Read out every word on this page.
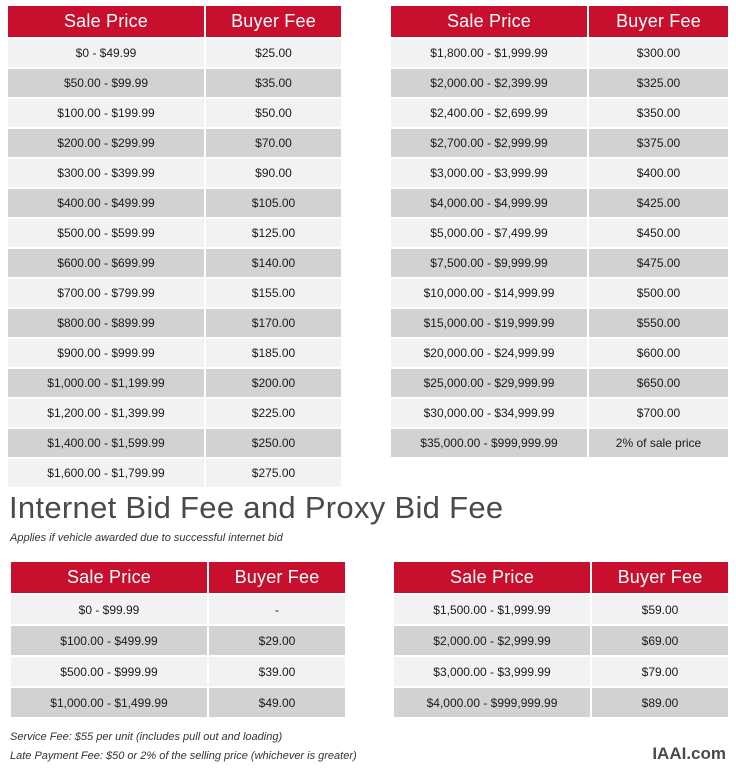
Sale Price	Buyer Fee
$0 - $49.99	$25.00
$50.00 - $99.99	$35.00
$100.00 - $199.99	$50.00
$200.00 - $299.99	$70.00
$300.00 - $399.99	$90.00
$400.00 - $499.99	$105.00
$500.00 - $599.99	$125.00
$600.00 - $699.99	$140.00
$700.00 - $799.99	$155.00
$800.00 - $899.99	$170.00
$900.00 - $999.99	$185.00
$1,000.00 - $1,199.99	$200.00
$1,200.00 - $1,399.99	$225.00
$1,400.00 - $1,599.99	$250.00
$1,600.00 - $1,799.99	$275.00
Sale Price	Buyer Fee
$1,800.00 - $1,999.99	$300.00
$2,000.00 - $2,399.99	$325.00
$2,400.00 - $2,699.99	$350.00
$2,700.00 - $2,999.99	$375.00
$3,000.00 - $3,999.99	$400.00
$4,000.00 - $4,999.99	$425.00
$5,000.00 - $7,499.99	$450.00
$7,500.00 - $9,999.99	$475.00
$10,000.00 - $14,999.99	$500.00
$15,000.00 - $19,999.99	$550.00
$20,000.00 - $24,999.99	$600.00
$25,000.00 - $29,999.99	$650.00
$30,000.00 - $34,999.99	$700.00
$35,000.00 - $999,999.99	2% of sale price
Internet Bid Fee and Proxy Bid Fee
Applies if vehicle awarded due to successful internet bid
Sale Price	Buyer Fee
$0 - $99.99	-
$100.00 - $499.99	$29.00
$500.00 - $999.99	$39.00
$1,000.00 - $1,499.99	$49.00
Sale Price	Buyer Fee
$1,500.00 - $1,999.99	$59.00
$2,000.00 - $2,999.99	$69.00
$3,000.00 - $3,999.99	$79.00
$4,000.00 - $999,999.99	$89.00
Service Fee: $55 per unit (includes pull out and loading)
Late Payment Fee: $50 or 2% of the selling price (whichever is greater)	IAAI.com
